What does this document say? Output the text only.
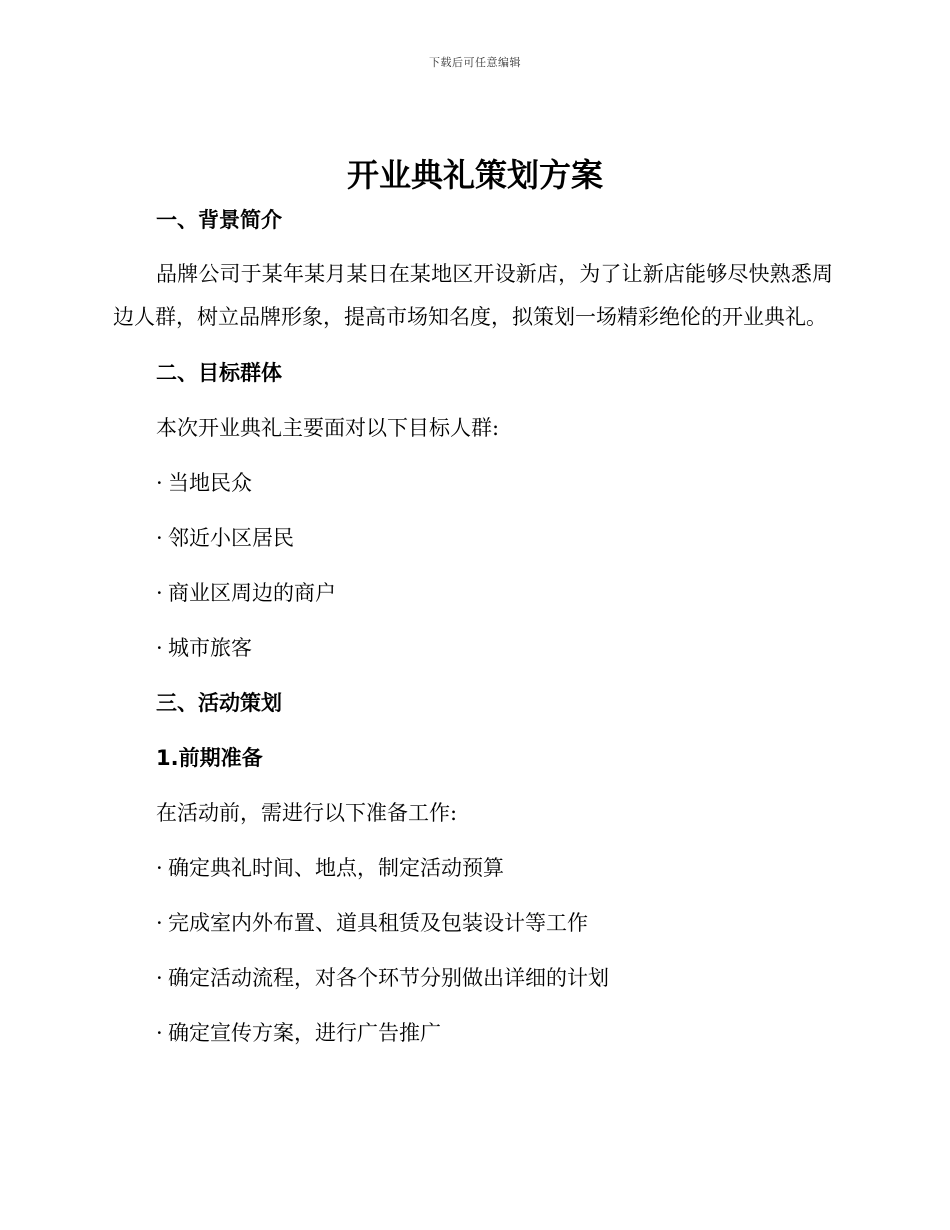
下载后可任意编辑
开业典礼策划方案
一、背景简介

品牌公司于某年某月某日在某地区开设新店，为了让新店能够尽快熟悉周边人群，树立品牌形象，提高市场知名度，拟策划一场精彩绝伦的开业典礼。

二、目标群体

本次开业典礼主要面对以下目标人群:

· 当地民众
· 邻近小区居民
· 商业区周边的商户
· 城市旅客
三、活动策划
1.前期准备

在活动前，需进行以下准备工作:

· 确定典礼时间、地点，制定活动预算
· 完成室内外布置、道具租赁及包装设计等工作
· 确定活动流程，对各个环节分别做出详细的计划
· 确定宣传方案，进行广告推广
